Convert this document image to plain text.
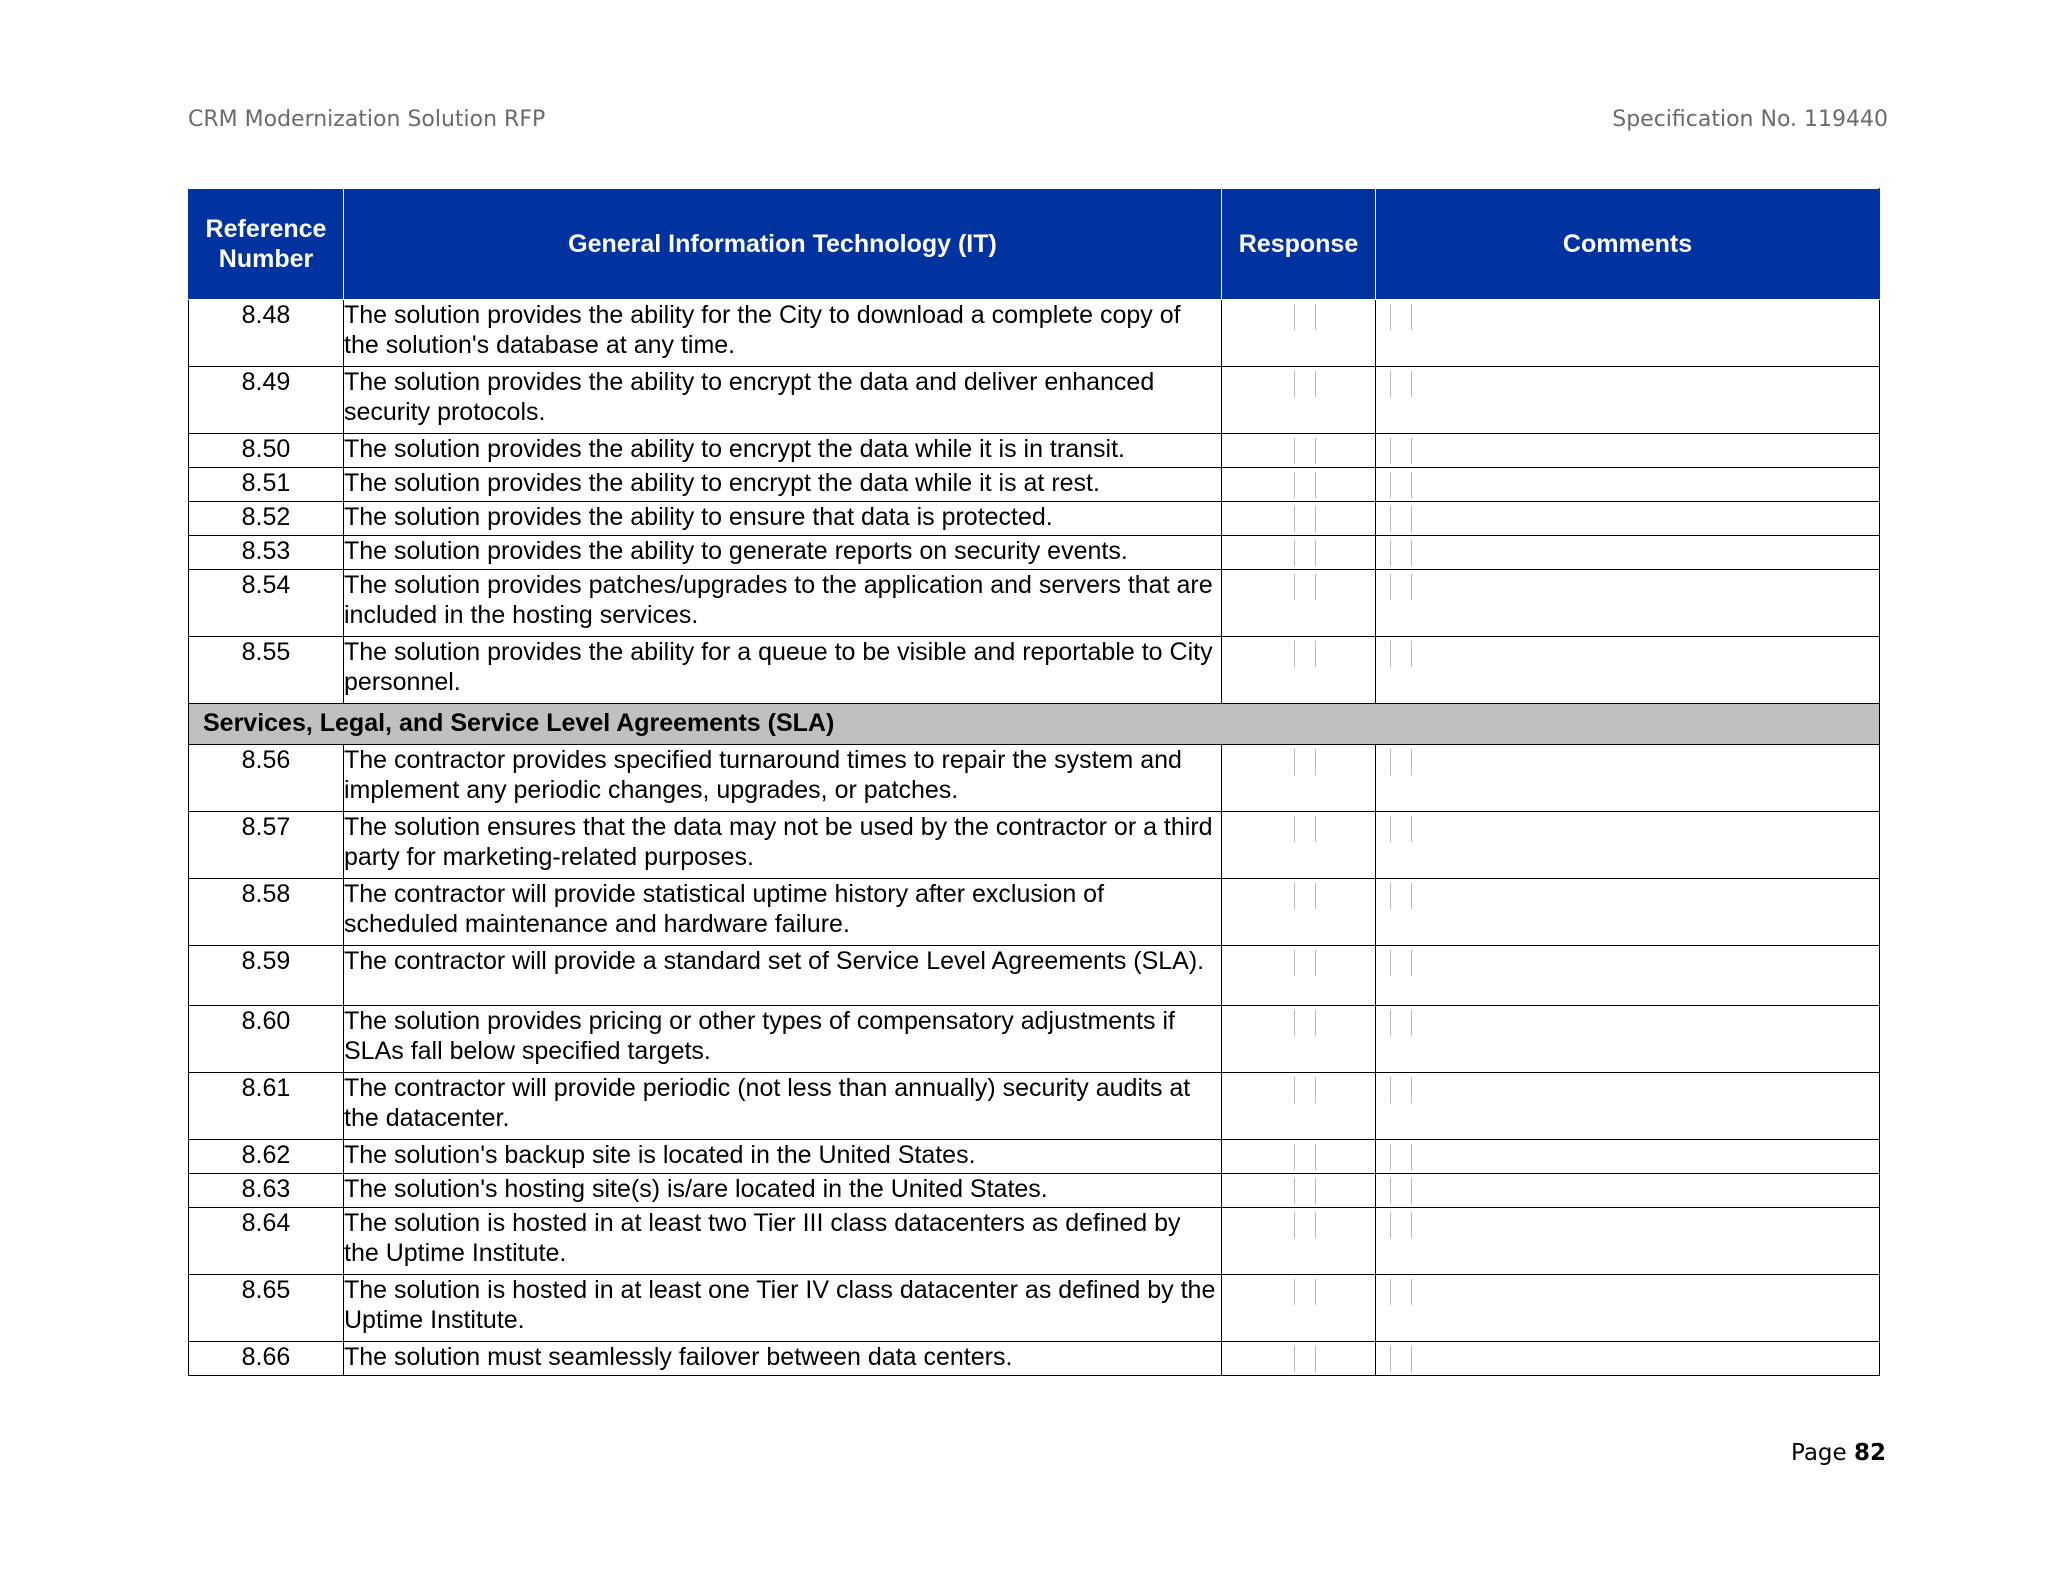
CRM Modernization Solution RFP	Specification No. 119440
Reference Number	General Information Technology (IT)	Response	Comments
8.48	The solution provides the ability for the City to download a complete copy of the solution's database at any time.	

8.49	The solution provides the ability to encrypt the data and deliver enhanced security protocols.	

8.50	The solution provides the ability to encrypt the data while it is in transit.	

8.51	The solution provides the ability to encrypt the data while it is at rest.	

8.52	The solution provides the ability to ensure that data is protected.	

8.53	The solution provides the ability to generate reports on security events.	

8.54	The solution provides patches/upgrades to the application and servers that are included in the hosting services.	

8.55	The solution provides the ability for a queue to be visible and reportable to City personnel.	

Services, Legal, and Service Level Agreements (SLA)			
8.56	The contractor provides specified turnaround times to repair the system and implement any periodic changes, upgrades, or patches.	

8.57	The solution ensures that the data may not be used by the contractor or a third party for marketing-related purposes.	

8.58	The contractor will provide statistical uptime history after exclusion of scheduled maintenance and hardware failure.	

8.59	The contractor will provide a standard set of Service Level Agreements (SLA).	

8.60	The solution provides pricing or other types of compensatory adjustments if SLAs fall below specified targets.	

8.61	The contractor will provide periodic (not less than annually) security audits at the datacenter.	

8.62	The solution's backup site is located in the United States.	

8.63	The solution's hosting site(s) is/are located in the United States.	

8.64	The solution is hosted in at least two Tier III class datacenters as defined by the Uptime Institute.	

8.65	The solution is hosted in at least one Tier IV class datacenter as defined by the Uptime Institute.	

8.66	The solution must seamlessly failover between data centers.	

Page 82
